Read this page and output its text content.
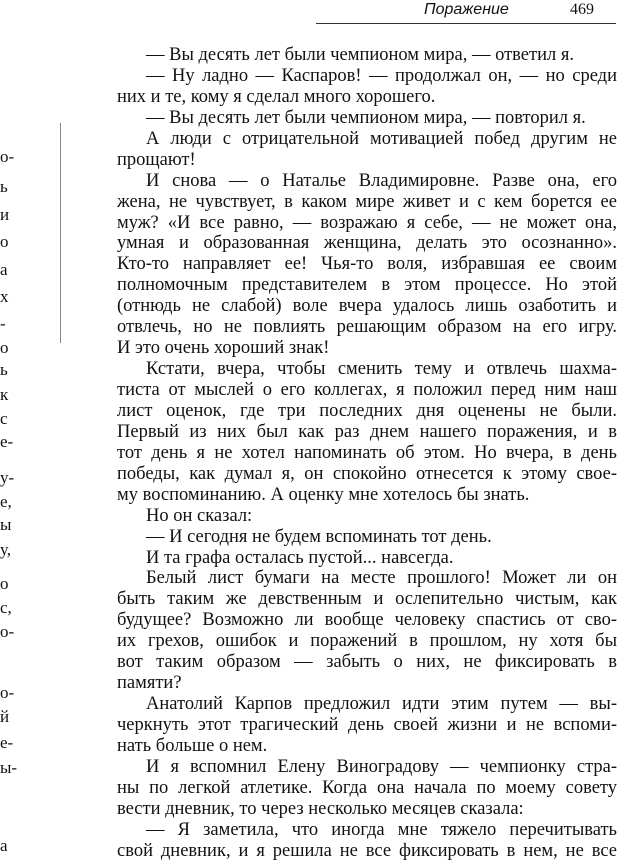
Поражение	469
о-
ь
и
о
а
х
-
о
ь
к
с
е-
у-
е,
ы
у,
о
с,
о-
о-
й
е-
ы-
а
— Вы десять лет были чемпионом мира, — ответил я.
— Ну ладно — Каспаров! — продолжал он, — но среди
них и те, кому я сделал много хорошего.
— Вы десять лет были чемпионом мира, — повторил я.
А люди с отрицательной мотивацией побед другим не
прощают!
И снова — о Наталье Владимировне. Разве она, его
жена, не чувствует, в каком мире живет и с кем борется ее
муж? «И все равно, — возражаю я себе, — не может она,
умная и образованная женщина, делать это осознанно».
Кто-то направляет ее! Чья-то воля, избравшая ее своим
полномочным представителем в этом процессе. Но этой
(отнюдь не слабой) воле вчера удалось лишь озаботить и
отвлечь, но не повлиять решающим образом на его игру.
И это очень хороший знак!
Кстати, вчера, чтобы сменить тему и отвлечь шахма-
тиста от мыслей о его коллегах, я положил перед ним наш
лист оценок, где три последних дня оценены не были.
Первый из них был как раз днем нашего поражения, и в
тот день я не хотел напоминать об этом. Но вчера, в день
победы, как думал я, он спокойно отнесется к этому свое-
му воспоминанию. А оценку мне хотелось бы знать.
Но он сказал:
— И сегодня не будем вспоминать тот день.
И та графа осталась пустой... навсегда.
Белый лист бумаги на месте прошлого! Может ли он
быть таким же девственным и ослепительно чистым, как
будущее? Возможно ли вообще человеку спастись от сво-
их грехов, ошибок и поражений в прошлом, ну хотя бы
вот таким образом — забыть о них, не фиксировать в
памяти?
Анатолий Карпов предложил идти этим путем — вы-
черкнуть этот трагический день своей жизни и не вспоми-
нать больше о нем.
И я вспомнил Елену Виноградову — чемпионку стра-
ны по легкой атлетике. Когда она начала по моему совету
вести дневник, то через несколько месяцев сказала:
— Я заметила, что иногда мне тяжело перечитывать
свой дневник, и я решила не все фиксировать в нем, не все
